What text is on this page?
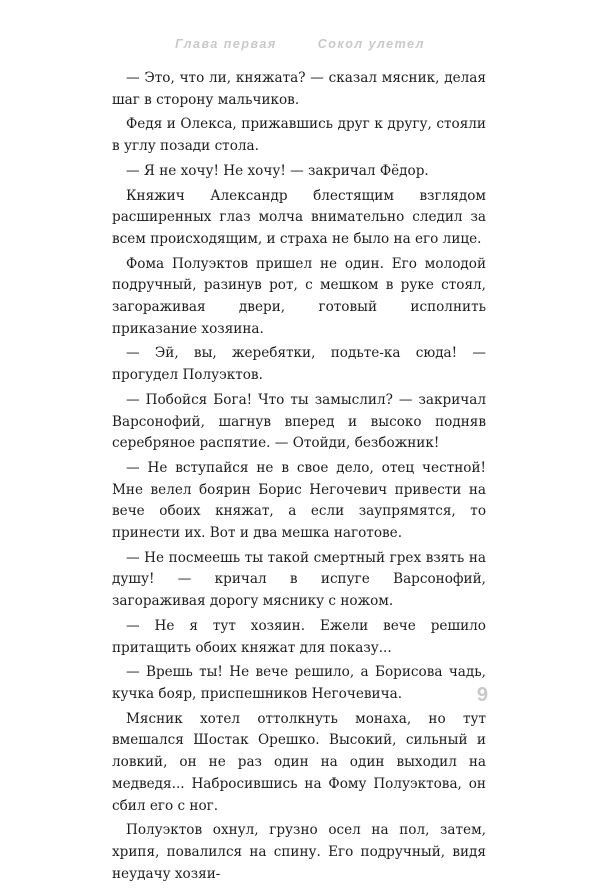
Глава первая	Сокол улетел

— Это, что ли, княжата? — сказал мясник, делая шаг в сторону мальчиков.

Федя и Олекса, прижавшись друг к другу, стояли в углу позади стола.

— Я не хочу! Не хочу! — закричал Фёдор.

Княжич Александр блестящим взглядом расширенных глаз молча внимательно следил за всем происходящим, и страха не было на его лице.

Фома Полуэктов пришел не один. Его молодой подручный, разинув рот, с мешком в руке стоял, загораживая двери, готовый исполнить приказание хозяина.

— Эй, вы, жеребятки, подьте-ка сюда! — прогудел Полуэктов.

— Побойся Бога! Что ты замыслил? — закричал Варсонофий, шагнув вперед и высоко подняв серебряное распятие. — Отойди, безбожник!

— Не вступайся не в свое дело, отец честной! Мне велел боярин Борис Негочевич привести на вече обоих княжат, а если заупрямятся, то принести их. Вот и два мешка наготове.

— Не посмеешь ты такой смертный грех взять на душу! — кричал в испуге Варсонофий, загораживая дорогу мяснику с ножом.

— Не я тут хозяин. Ежели вече решило притащить обоих княжат для показу...

— Врешь ты! Не вече решило, а Борисова чадь, кучка бояр, приспешников Негочевича.

Мясник хотел оттолкнуть монаха, но тут вмешался Шостак Орешко. Высокий, сильный и ловкий, он не раз один на один выходил на медведя... Набросившись на Фому Полуэктова, он сбил его с ног.

Полуэктов охнул, грузно осел на пол, затем, хрипя, повалился на спину. Его подручный, видя неудачу хозяи-

9
